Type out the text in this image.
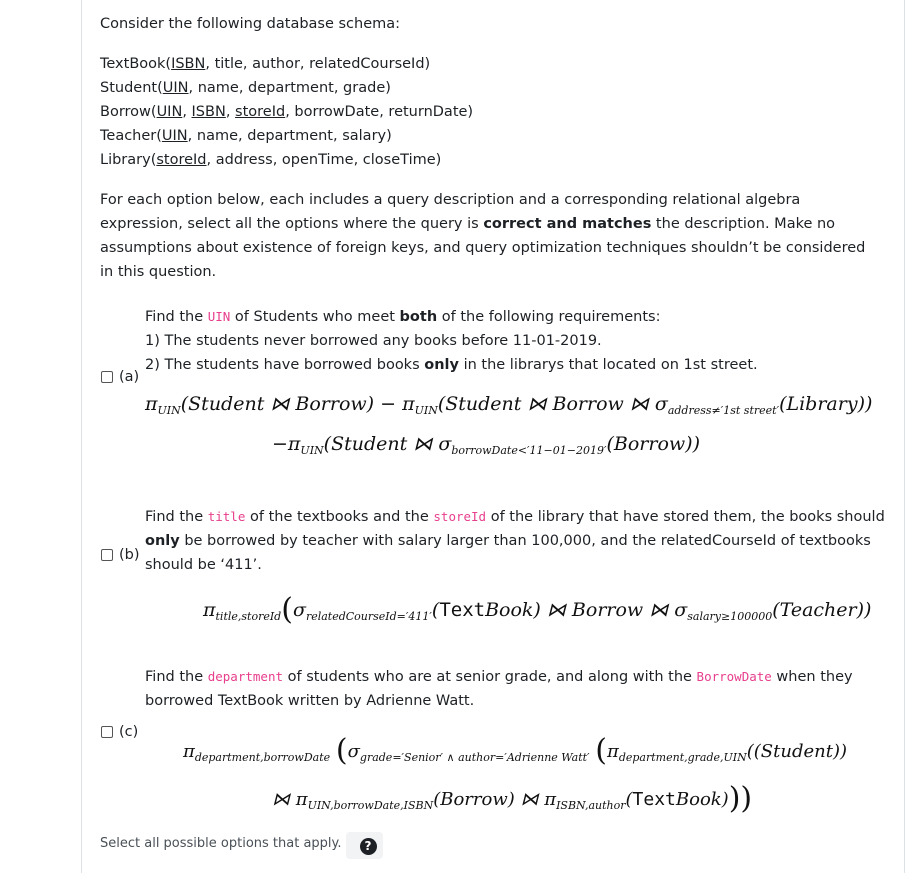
Consider the following database schema:

TextBook(ISBN, title, author, relatedCourseId)
Student(UIN, name, department, grade)
Borrow(UIN, ISBN, storeId, borrowDate, returnDate)
Teacher(UIN, name, department, salary)
Library(storeId, address, openTime, closeTime)

For each option below, each includes a query description and a corresponding relational algebra expression, select all the options where the query is correct and matches the description. Make no assumptions about existence of foreign keys, and query optimization techniques shouldn’t be considered in this question.

(a)
Find the UIN of Students who meet both of the following requirements:
1) The students never borrowed any books before 11-01-2019.
2) The students have borrowed books only in the librarys that located on 1st street.
$\pi_{UIN}(Student$ ⋈ Borrow) − $\pi_{UIN}(Student$ ⋈ Borrow ⋈ $\sigma_{address\ne'1st street'}(Library)$)
$-\pi_{UIN}(Student$ ⋈ $\sigma_{borrowDate<'11-01-2019'}(Borrow)$)
(b)
Find the title of the textbooks and the storeId of the library that have stored them, the books should
only be borrowed by teacher with salary larger than 100,000, and the relatedCourseId of textbooks
should be ‘411’.
$\pi_{title,storeId}(\sigma_{relatedCourseId='411'}(TextBook)$ ⋈ Borrow ⋈ $\sigma_{salary\ge 100000}(Teacher)$)
(c)
Find the department of students who are at senior grade, and along with the BorrowDate when they
borrowed TextBook written by Adrienne Watt.
$\pi_{department,borrowDate}$ ($\sigma_{grade='Senior' \wedge author='Adrienne Watt'}$ ($\pi_{department,grade,UIN}((Student))$
⋈ $\pi_{UIN,borrowDate,ISBN}(Borrow)$ ⋈ $\pi_{ISBN,author}(TextBook)$))
Select all possible options that apply. ?
